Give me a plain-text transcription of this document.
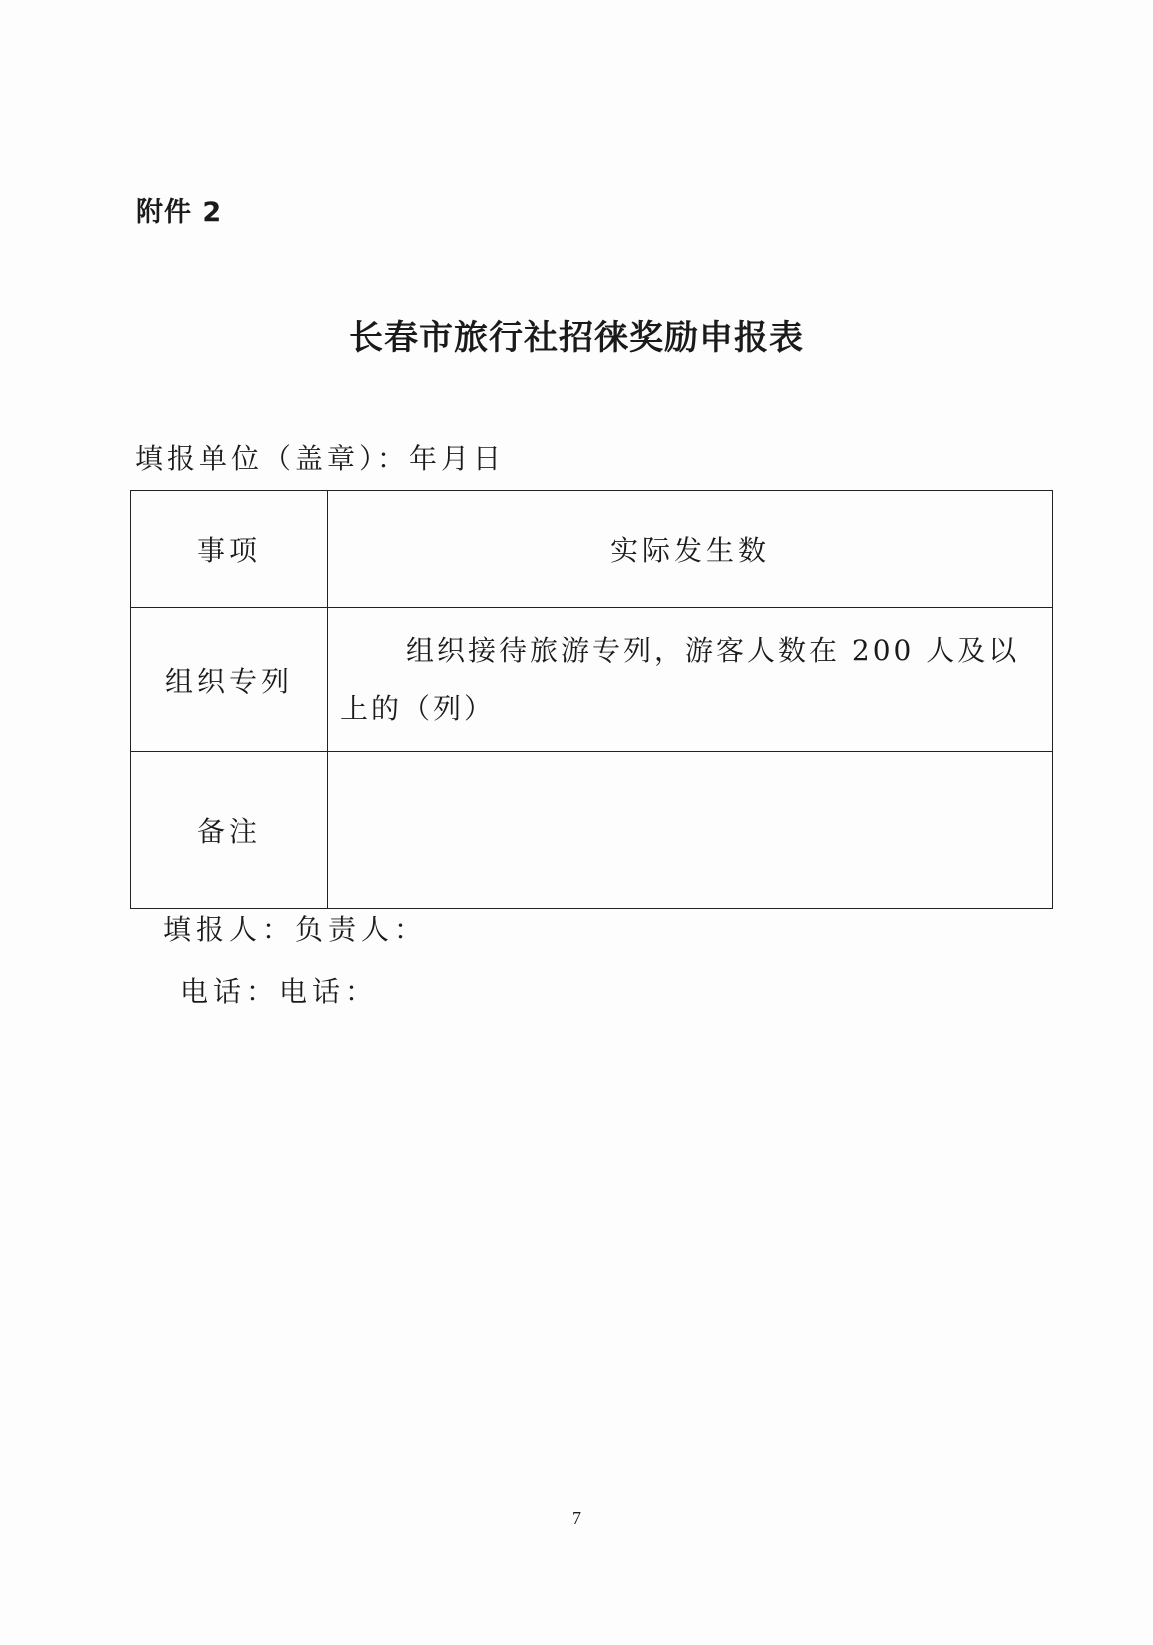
附件 2
长春市旅行社招徕奖励申报表
填报单位（盖章）：年月日
事项	实际发生数
组织专列	组织接待旅游专列，游客人数在 200 人及以上的（列）
备注	
填报人：负责人：
电话：电话：
7
